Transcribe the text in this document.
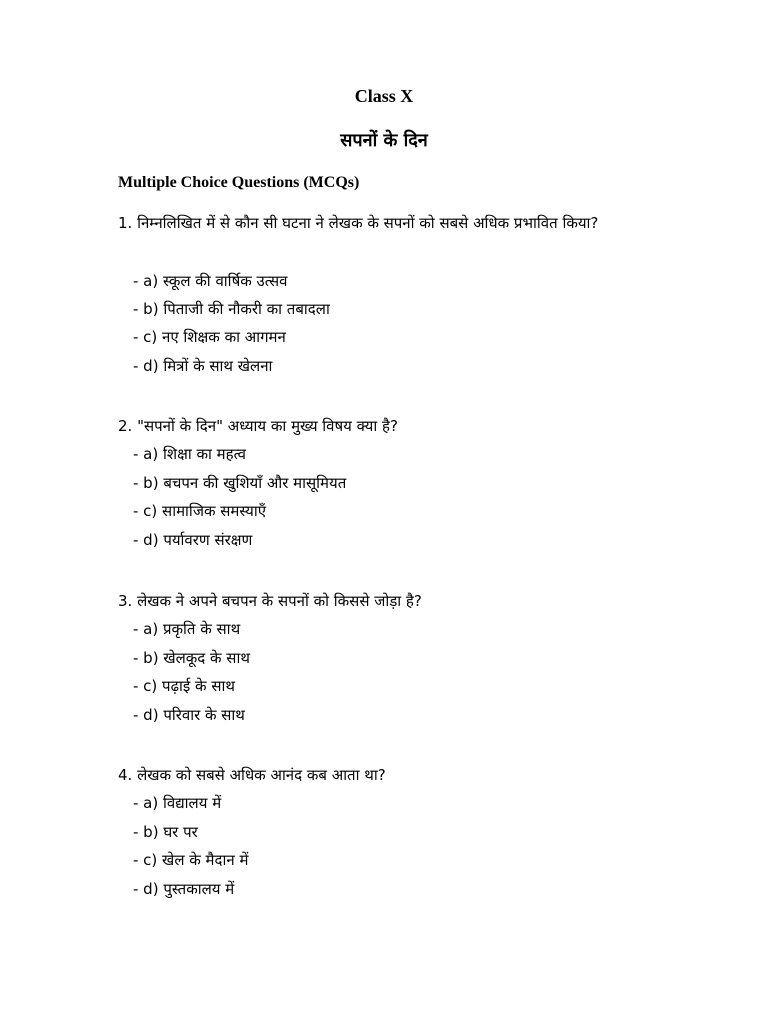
Class X
सपनों के दिन
Multiple Choice Questions (MCQs)
1. निम्नलिखित में से कौन सी घटना ने लेखक के सपनों को सबसे अधिक प्रभावित किया?
- a) स्कूल की वार्षिक उत्सव
- b) पिताजी की नौकरी का तबादला
- c) नए शिक्षक का आगमन
- d) मित्रों के साथ खेलना
2. "सपनों के दिन" अध्याय का मुख्य विषय क्या है?
- a) शिक्षा का महत्व
- b) बचपन की खुशियाँ और मासूमियत
- c) सामाजिक समस्याएँ
- d) पर्यावरण संरक्षण
3. लेखक ने अपने बचपन के सपनों को किससे जोड़ा है?
- a) प्रकृति के साथ
- b) खेलकूद के साथ
- c) पढ़ाई के साथ
- d) परिवार के साथ
4. लेखक को सबसे अधिक आनंद कब आता था?
- a) विद्यालय में
- b) घर पर
- c) खेल के मैदान में
- d) पुस्तकालय में
